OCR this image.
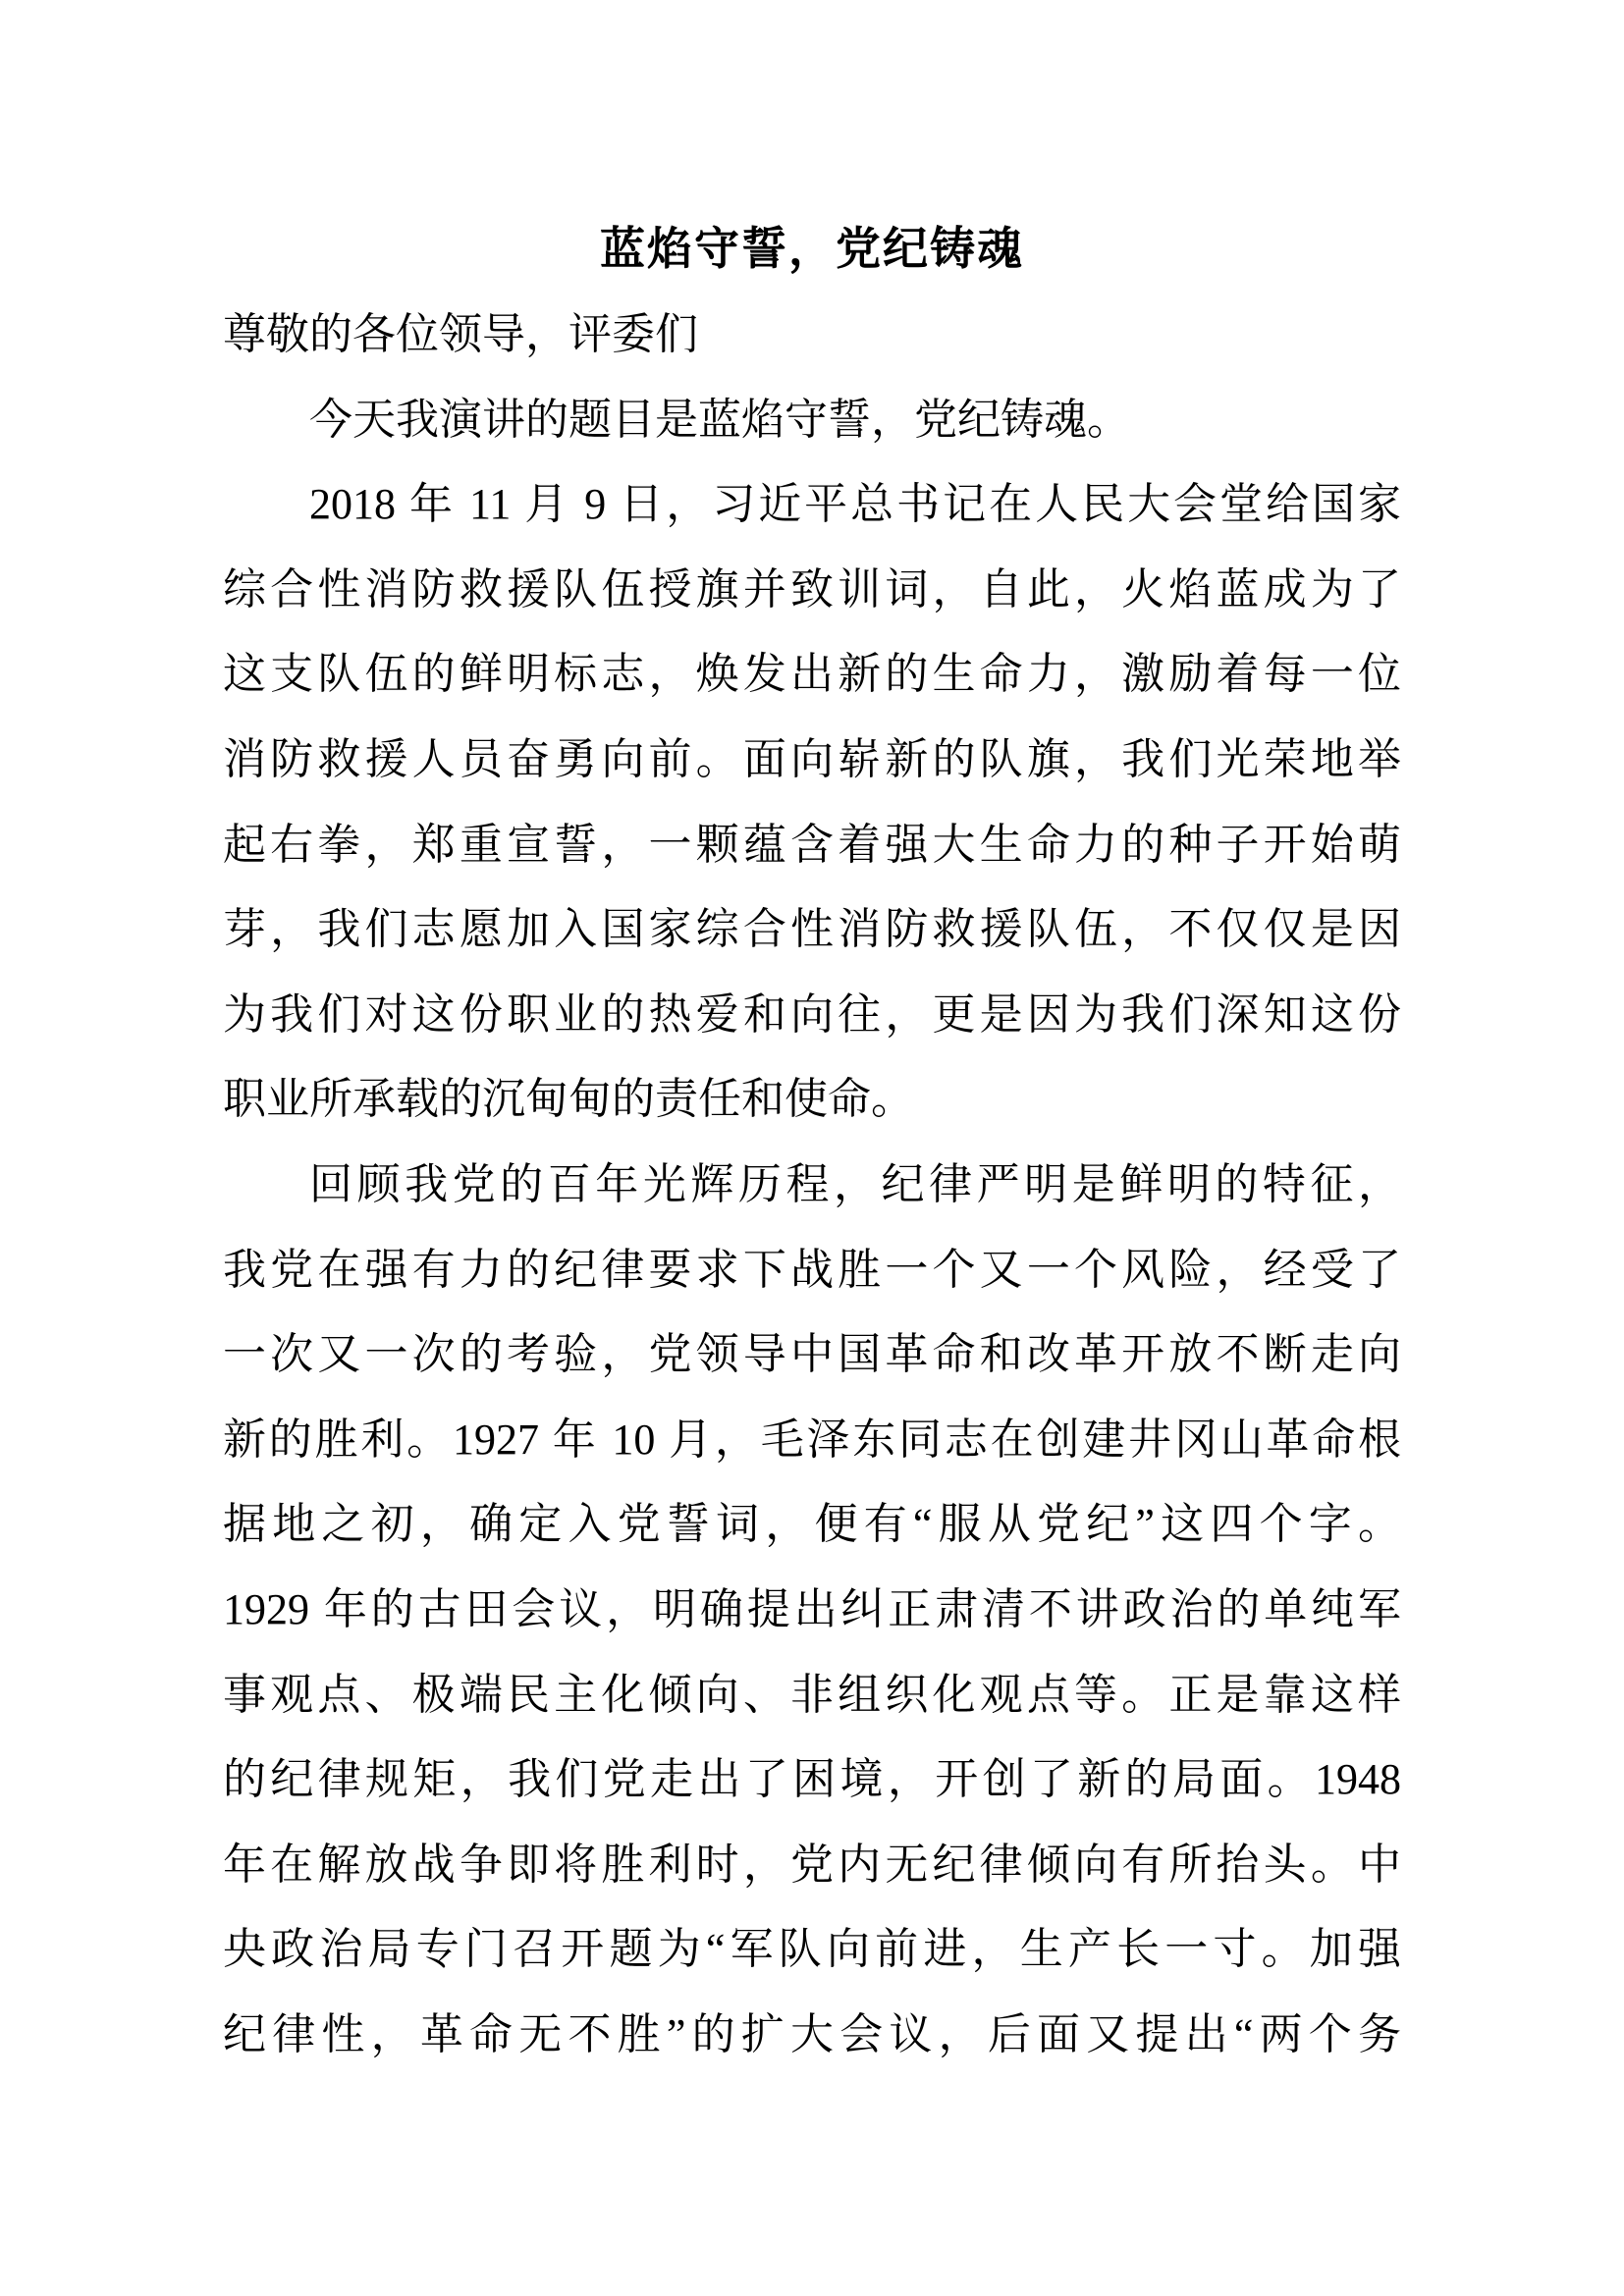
蓝焰守誓，党纪铸魂
尊敬的各位领导，评委们
今天我演讲的题目是蓝焰守誓，党纪铸魂。
2018 年 11 月 9 日，习近平总书记在人民大会堂给国家
综合性消防救援队伍授旗并致训词，自此，火焰蓝成为了
这支队伍的鲜明标志，焕发出新的生命力，激励着每一位
消防救援人员奋勇向前。面向崭新的队旗，我们光荣地举
起右拳，郑重宣誓，一颗蕴含着强大生命力的种子开始萌
芽，我们志愿加入国家综合性消防救援队伍，不仅仅是因
为我们对这份职业的热爱和向往，更是因为我们深知这份
职业所承载的沉甸甸的责任和使命。
回顾我党的百年光辉历程，纪律严明是鲜明的特征，
我党在强有力的纪律要求下战胜一个又一个风险，经受了
一次又一次的考验，党领导中国革命和改革开放不断走向
新的胜利。1927 年 10 月，毛泽东同志在创建井冈山革命根
据地之初，确定入党誓词，便有“服从党纪”这四个字。
1929 年的古田会议，明确提出纠正肃清不讲政治的单纯军
事观点、极端民主化倾向、非组织化观点等。正是靠这样
的纪律规矩，我们党走出了困境，开创了新的局面。1948
年在解放战争即将胜利时，党内无纪律倾向有所抬头。中
央政治局专门召开题为“军队向前进，生产长一寸。加强
纪律性，革命无不胜”的扩大会议，后面又提出“两个务
